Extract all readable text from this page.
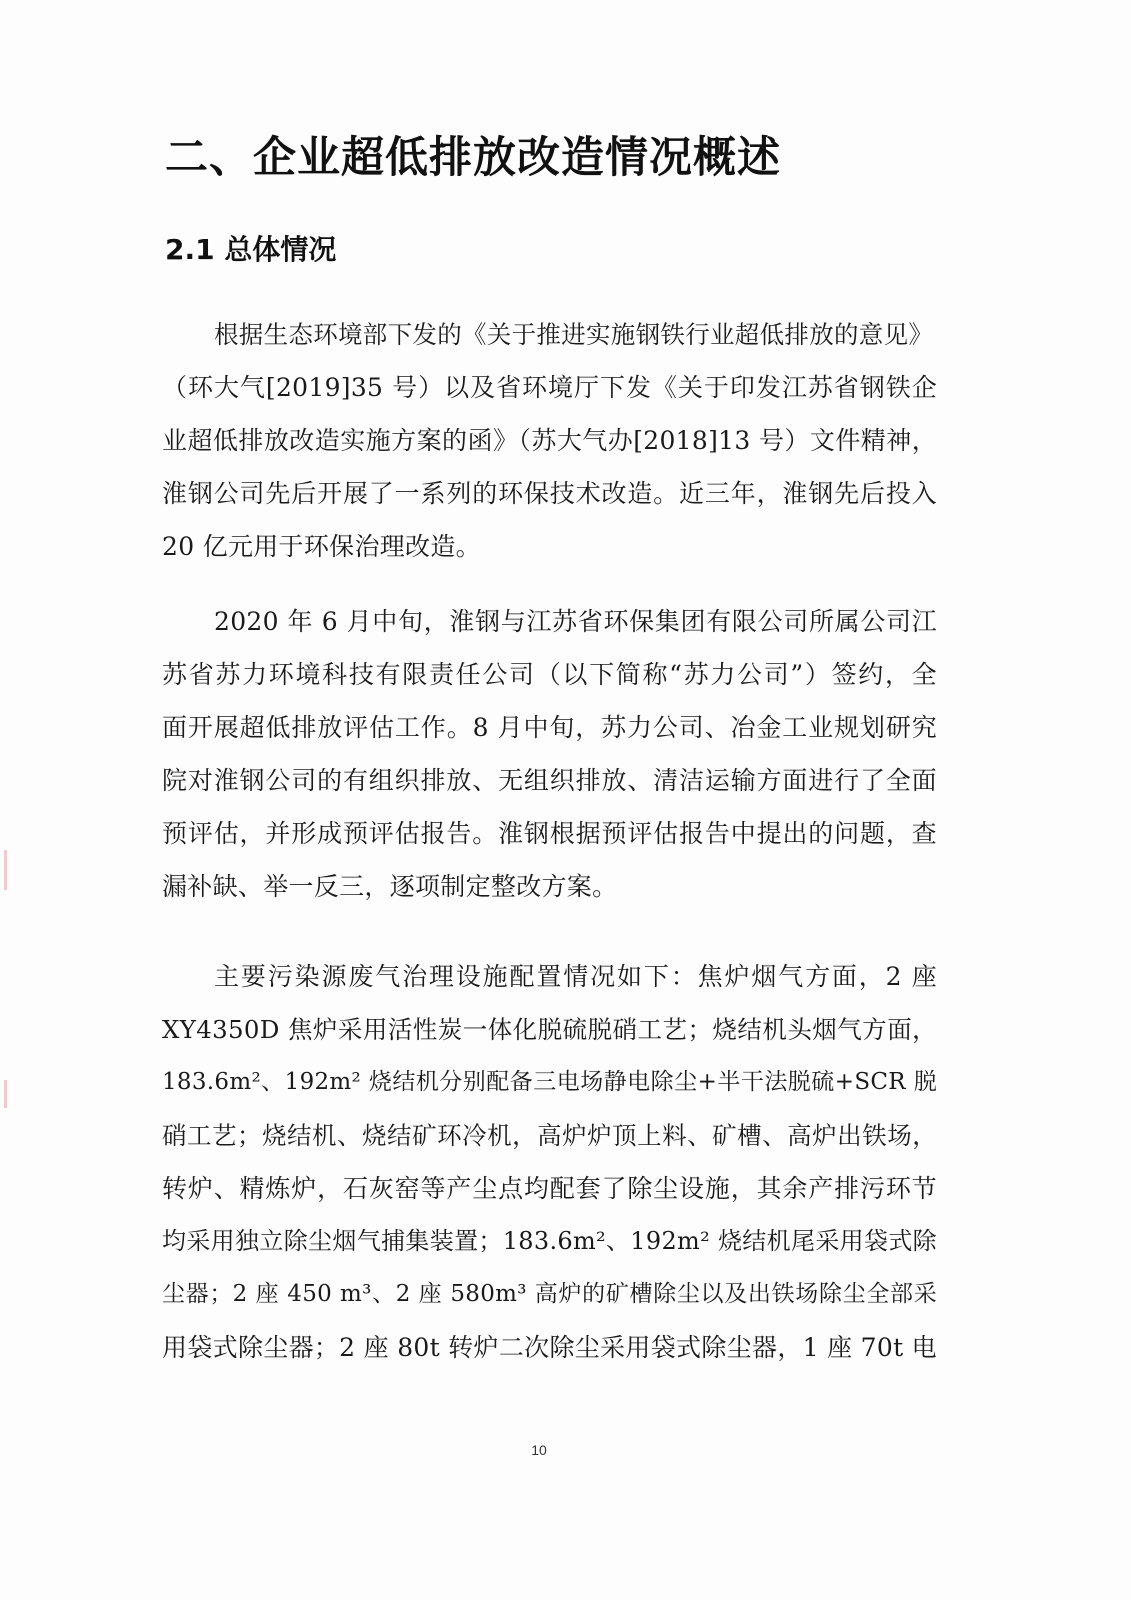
二、企业超低排放改造情况概述
2.1 总体情况
根据生态环境部下发的《关于推进实施钢铁行业超低排放的意见》
（环大气[2019]35 号）以及省环境厅下发《关于印发江苏省钢铁企
业超低排放改造实施方案的函》（苏大气办[2018]13 号）文件精神，
淮钢公司先后开展了一系列的环保技术改造。近三年，淮钢先后投入
20 亿元用于环保治理改造。
2020 年 6 月中旬，淮钢与江苏省环保集团有限公司所属公司江
苏省苏力环境科技有限责任公司（以下简称“苏力公司”）签约，全
面开展超低排放评估工作。8 月中旬，苏力公司、冶金工业规划研究
院对淮钢公司的有组织排放、无组织排放、清洁运输方面进行了全面
预评估，并形成预评估报告。淮钢根据预评估报告中提出的问题，查
漏补缺、举一反三，逐项制定整改方案。
主要污染源废气治理设施配置情况如下：焦炉烟气方面，2 座
XY4350D 焦炉采用活性炭一体化脱硫脱硝工艺；烧结机头烟气方面，
183.6m²、192m² 烧结机分别配备三电场静电除尘+半干法脱硫+SCR 脱
硝工艺；烧结机、烧结矿环冷机，高炉炉顶上料、矿槽、高炉出铁场，
转炉、精炼炉，石灰窑等产尘点均配套了除尘设施，其余产排污环节
均采用独立除尘烟气捕集装置；183.6m²、192m² 烧结机尾采用袋式除
尘器；2 座 450 m³、2 座 580m³ 高炉的矿槽除尘以及出铁场除尘全部采
用袋式除尘器；2 座 80t 转炉二次除尘采用袋式除尘器，1 座 70t 电
10
